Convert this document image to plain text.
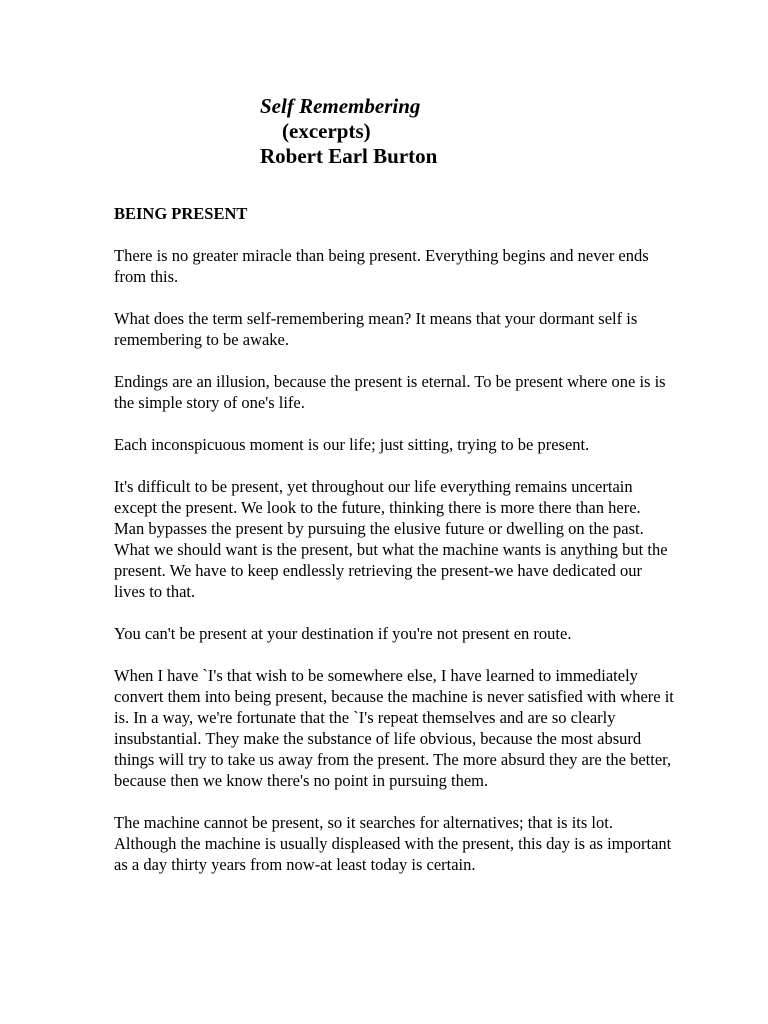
Self Remembering
(excerpts)
Robert Earl Burton
BEING PRESENT

There is no greater miracle than being present. Everything begins and never ends from this.

What does the term self-remembering mean? It means that your dormant self is remembering to be awake.

Endings are an illusion, because the present is eternal. To be present where one is is the simple story of one's life.

Each inconspicuous moment is our life; just sitting, trying to be present.

It's difficult to be present, yet throughout our life everything remains uncertain except the present. We look to the future, thinking there is more there than here. Man bypasses the present by pursuing the elusive future or dwelling on the past. What we should want is the present, but what the machine wants is anything but the present. We have to keep endlessly retrieving the present-we have dedicated our lives to that.

You can't be present at your destination if you're not present en route.

When I have `I's that wish to be somewhere else, I have learned to immediately convert them into being present, because the machine is never satisfied with where it is. In a way, we're fortunate that the `I's repeat themselves and are so clearly insubstantial. They make the substance of life obvious, because the most absurd things will try to take us away from the present. The more absurd they are the better, because then we know there's no point in pursuing them.

The machine cannot be present, so it searches for alternatives; that is its lot. Although the machine is usually displeased with the present, this day is as important as a day thirty years from now-at least today is certain.
